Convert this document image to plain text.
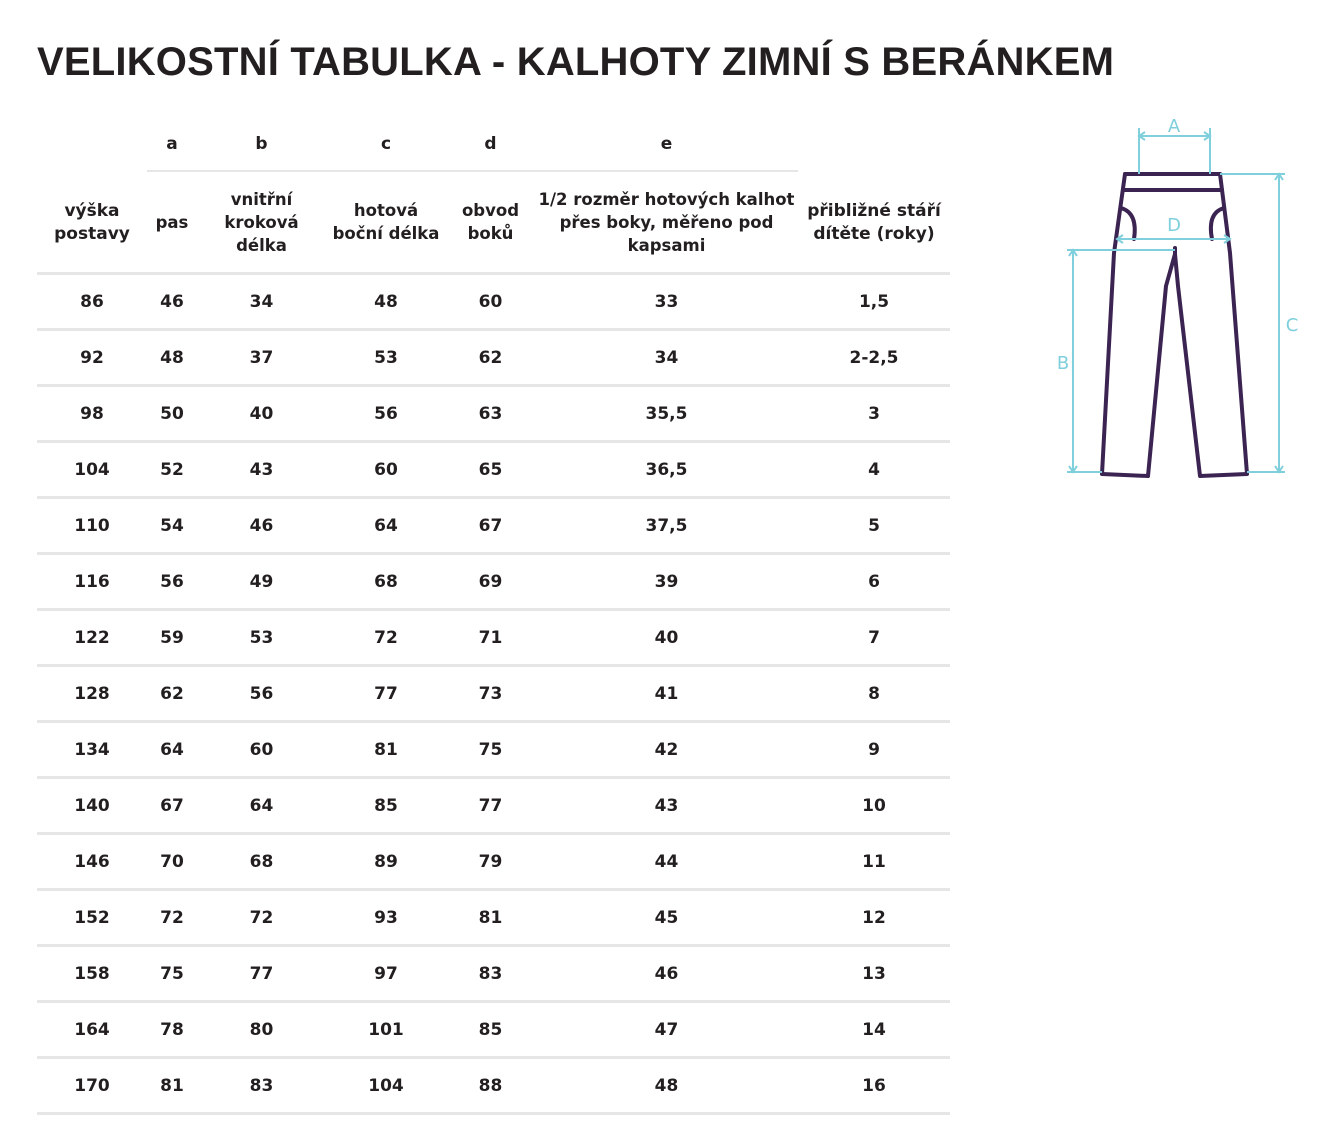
VELIKOSTNÍ TABULKA - KALHOTY ZIMNÍ S BERÁNKEM
výška postavy	a	b	c	d	e	přibližné stáří dítěte (roky)
	pas	vnitřní kroková délka	hotová boční délka	obvod boků	1/2 rozměr hotových kalhot přes boky, měřeno pod kapsami	
86	46	34	48	60	33	1,5
92	48	37	53	62	34	2-2,5
98	50	40	56	63	35,5	3
104	52	43	60	65	36,5	4
110	54	46	64	67	37,5	5
116	56	49	68	69	39	6
122	59	53	72	71	40	7
128	62	56	77	73	41	8
134	64	60	81	75	42	9
140	67	64	85	77	43	10
146	70	68	89	79	44	11
152	72	72	93	81	45	12
158	75	77	97	83	46	13
164	78	80	101	85	47	14
170	81	83	104	88	48	16
A
D
B
C
